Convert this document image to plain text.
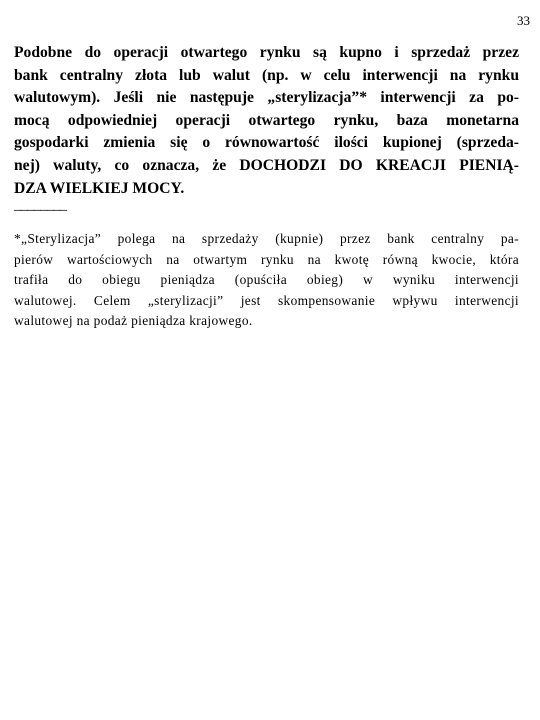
33
Podobne do operacji otwartego rynku są kupno i sprzedaż przez
bank centralny złota lub walut (np. w celu interwencji na rynku
walutowym). Jeśli nie następuje „sterylizacja”* interwencji za po-
mocą odpowiedniej operacji otwartego rynku, baza monetarna
gospodarki zmienia się o równowartość ilości kupionej (sprzeda-
nej) waluty, co oznacza, że DOCHODZI DO KREACJI PIENIĄ-
DZA WIELKIEJ MOCY.
________
*„Sterylizacja” polega na sprzedaży (kupnie) przez bank centralny pa-
pierów wartościowych na otwartym rynku na kwotę równą kwocie, która
trafiła do obiegu pieniądza (opuściła obieg) w wyniku interwencji
walutowej. Celem „sterylizacji” jest skompensowanie wpływu interwencji
walutowej na podaż pieniądza krajowego.
